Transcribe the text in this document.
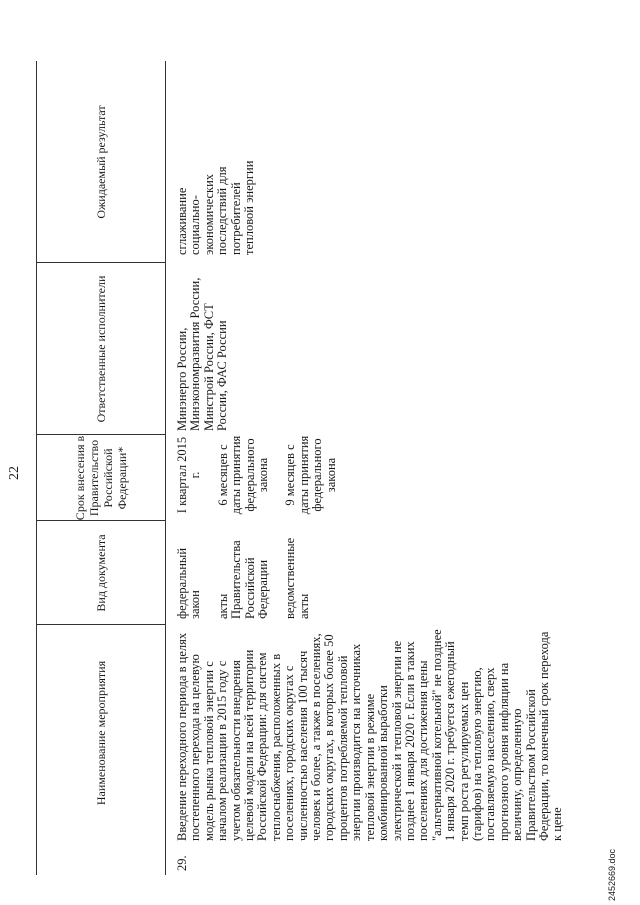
22
Наименование мероприятия
Вид документа
Срок внесения в Правительство Российской Федерации*
Ответственные исполнители
Ожидаемый результат
29.
Введение переходного периода в целях постепенного перехода на целевую модель рынка тепловой энергии с началом реализации в 2015 году с учетом обязательности внедрения целевой модели на всей территории Российской Федерации: для систем теплоснабжения, расположенных в поселениях, городских округах с численностью населения 100 тысяч человек и более, а также в поселениях, городских округах, в которых более 50 процентов потребляемой тепловой энергии производится на источниках тепловой энергии в режиме комбинированной выработки электрической и тепловой энергии не позднее 1 января 2020 г. Если в таких поселениях для достижения цены "альтернативной котельной" не позднее 1 января 2020 г. требуется ежегодный темп роста регулируемых цен (тарифов) на тепловую энергию, поставляемую населению, сверх прогнозного уровня инфляции на величину, определенную Правительством Российской Федерации, то конечный срок перехода к цене

федеральный закон акты Правительства Российской Федерации ведомственные акты

I квартал 2015 г. 6 месяцев с даты принятия федерального закона 9 месяцев с даты принятия федерального закона

Минэнерго России, Минэкономразвития России, Минстрой России, ФСТ России, ФАС России
сглаживание социально-экономических последствий для потребителей тепловой энергии
2452669.doc
